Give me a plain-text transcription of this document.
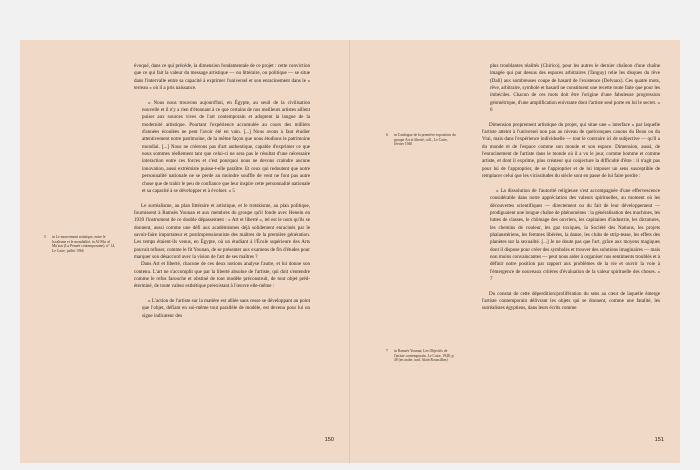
évoqué, dans ce qui précède, la dimension fondamentale de ce projet : cette conviction que ce qui fait la valeur du message artistique — ou littéraire, ou politique — se situe dans l'intervalle entre sa capacité à exprimer l'universel et son enracinement dans le « terreau » où il a pris naissance.

« Nous nous trouvons aujourd'hui, en Égypte, au seuil de la civilisation nouvelle et il n'y a rien d'étonnant à ce que certains de nos meilleurs artistes aillent puiser aux sources vives de l'art contemporain et adoptent la langue de la modernité artistique. Pourtant l'expérience accumulée au cours des milliers d'années écoulées ne peut l'avoir été en vain. [...] Nous avons à faut étudier attentivement notre patrimoine, de la même façon que nous étudions le patrimoine mondial. [...] Nous ne créerons pas d'art authentique, capable d'exprimer ce que nous sommes réellement tant que celui-ci ne sera pas le résultat d'une nécessaire interaction entre ces forces et c'est pourquoi nous ne devons craindre aucune innovation, aussi extrémiste puisse-t-elle paraître. Et ceux qui redoutent que notre personnalité nationale ne se perde au moindre souffle de vent ne font pas autre chose que de trahir le peu de confiance que leur inspire cette personnalité nationale et sa capacité à se développer et à évoluer. » 5

Le surréalisme, au plan littéraire et artistique, et le trotskisme, au plan politique, fournissent à Ramsès Younan et aux membres du groupe qu'il fonde avec Henein en 1939 l'instrument de ce double dépassement : « Art et liberté », tel est le nom qu'ils se donnent, aussi comme une défi aux académismes déjà solidement enracinés par le savoir-faire importateur et postimpressionniste des maîtres de la première génération. Les temps étaient-ils venus, en Égypte, où un étudiant à l'École supérieure des Arts pouvait refuser, comme le fit Younan, de se présenter aux examens de fin d'études pour marquer son désaccord avec la vision de l'art de ses maîtres ?

Dans Art et liberté, chacune de ces deux notions analyse l'autre, et lui donne son contenu. L'art ne s'accomplit que par la liberté absolue de l'artiste, qui doit s'entendre comme le refus farouche et obstiné de tout modèle préconstruit, de tout objet prédéterminé, de toute valeur esthétique préexistant à l'œuvre elle-même :

« L'action de l'artiste sur la matière est alliée sans cesse se développant au point que l'objet, défiant en soi-même tout parallèle de modèle, est devenu pour lui un signe indicateur des

5 in Le mouvement artistique, entre le localisme et le mondialité, in Al-Fikr al Mu'asir (La Pensée contemporaine), n° 14, Le Caire, juillet 1966
150

plus troublantes réalités (Chirico), pour les autres le dernier chaînon d'une chaîne imagée qui par dessus des espaces arbitraires (Tanguy) relie les disques du rêve (Dalí) aux sombreuses coupe de hasard de l'existence (Delvaux). Ces quatre mots, rêve, arbitraire, symbole et hasard ne constituent une recette toute faite que pour les imbéciles. Chacun de ces mots doit être l'origine d'une fabuleuse progression géométrique, d'une amplification enivrante dont l'artiste seul porte en lui le secret. » 6

Dimension proprement artistique du projet, qui situe une « interface » par laquelle l'artiste atteint à l'universel non pas au niveau de quelconques canons du Beau ou du Vrai, mais dans l'expérience individuelle — tout le contraire ici de subjective — qu'il a du monde et de l'espace comme son monde et son espace. Dimension, aussi, de l'enracinement de l'artiste dans le monde où il a vu le jour, comme homme et comme artiste, et dont il exprime, plus créateur qui conjecture la difficulté d'être : il n'agit pas pour lui de l'approprier, de se l'approprier et de lui imposer un sens susceptible de remplacer celui que les vicissitudes du siècle sont en passe de lui faire perdre :

« La dissolution de l'autorité religieuse s'est accompagnée d'une effervescence considérable dans notre appréciation des valeurs spirituelles, au moment où les découvertes scientifiques — directement ou du fait de leur développement — prodiguaient une longue chaîne de phénomènes : la généralisation des machines, les luttes de classes, le chômage des ouvriers, les capitaines d'industrie, les dictatures, les chemins de couleur, les gaz toxiques, la Société des Nations, les projets phalanstériens, les femmes libérées, la danse, les clubs de strip-tease, les effets des planètes sur la sexualité. [...] Je ne doute pas que l'art, grâce aux moyens magiques dont il dispose pour créer des symboles et trouver des solutions imaginaires — mais non moins convaincantes — peut nous aider à organiser nos sentiments troublés et à définir notre position par rapport aux problèmes de la vie et ouvrir la voie à l'émergence de nouveaux critères d'évaluation de la valeur spirituelle des choses. » 7

Du constat de cette déperdition/prolifération du sens au cœur de laquelle émerge l'artiste contemporain délivrant les objets qui se donnent, comme une fatalité, les surréalistes égyptiens, dans leurs écrits comme

6 in Catalogue de la première exposition du groupe Art et liberté, coll., Le Caire, février 1940
7 in Ramsès Younan, Les Objectifs de l'artiste contemporain, Le Caire, 1948, p. 49 (en arabe, trad. Alain Roussillon)
151
